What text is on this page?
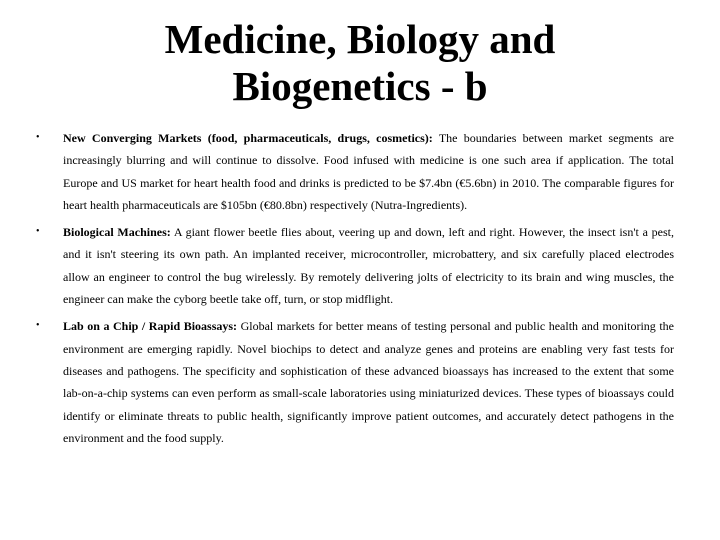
Medicine, Biology and
Biogenetics - b
• New Converging Markets (food, pharmaceuticals, drugs, cosmetics): The boundaries between market segments are increasingly blurring and will continue to dissolve. Food infused with medicine is one such area if application. The total Europe and US market for heart health food and drinks is predicted to be $7.4bn (€5.6bn) in 2010. The comparable figures for heart health pharmaceuticals are $105bn (€80.8bn) respectively (Nutra-Ingredients).
• Biological Machines: A giant flower beetle flies about, veering up and down, left and right. However, the insect isn't a pest, and it isn't steering its own path. An implanted receiver, microcontroller, microbattery, and six carefully placed electrodes allow an engineer to control the bug wirelessly. By remotely delivering jolts of electricity to its brain and wing muscles, the engineer can make the cyborg beetle take off, turn, or stop midflight.
• Lab on a Chip / Rapid Bioassays: Global markets for better means of testing personal and public health and monitoring the environment are emerging rapidly. Novel biochips to detect and analyze genes and proteins are enabling very fast tests for diseases and pathogens. The specificity and sophistication of these advanced bioassays has increased to the extent that some lab-on-a-chip systems can even perform as small-scale laboratories using miniaturized devices. These types of bioassays could identify or eliminate threats to public health, significantly improve patient outcomes, and accurately detect pathogens in the environment and the food supply.
